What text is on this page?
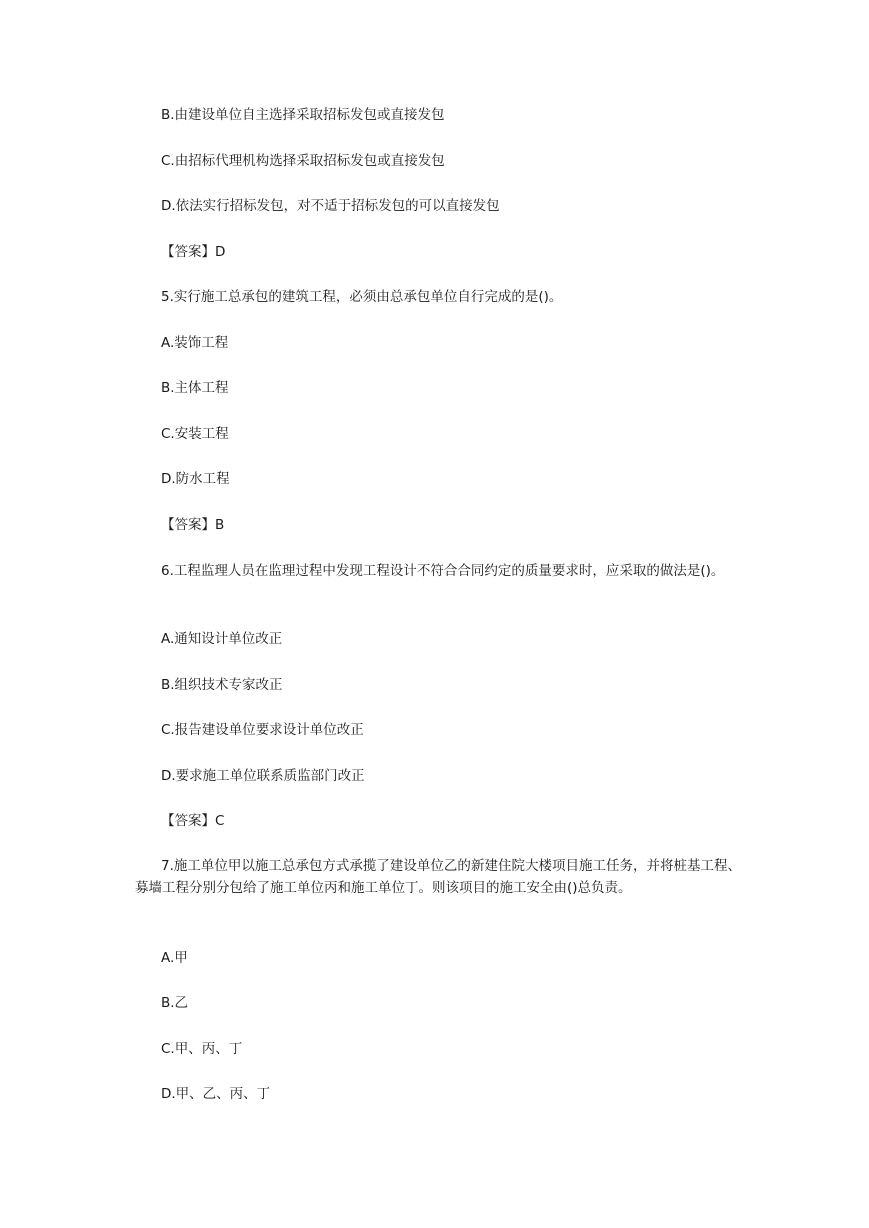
B.由建设单位自主选择采取招标发包或直接发包
C.由招标代理机构选择采取招标发包或直接发包
D.依法实行招标发包，对不适于招标发包的可以直接发包
【答案】D
5.实行施工总承包的建筑工程，必须由总承包单位自行完成的是()。
A.装饰工程
B.主体工程
C.安装工程
D.防水工程
【答案】B
6.工程监理人员在监理过程中发现工程设计不符合合同约定的质量要求时，应采取的做法是()。
A.通知设计单位改正
B.组织技术专家改正
C.报告建设单位要求设计单位改正
D.要求施工单位联系质监部门改正
【答案】C
7.施工单位甲以施工总承包方式承揽了建设单位乙的新建住院大楼项目施工任务，并将桩基工程、募墙工程分别分包给了施工单位丙和施工单位丁。则该项目的施工安全由()总负责。
A.甲
B.乙
C.甲、丙、丁
D.甲、乙、丙、丁
